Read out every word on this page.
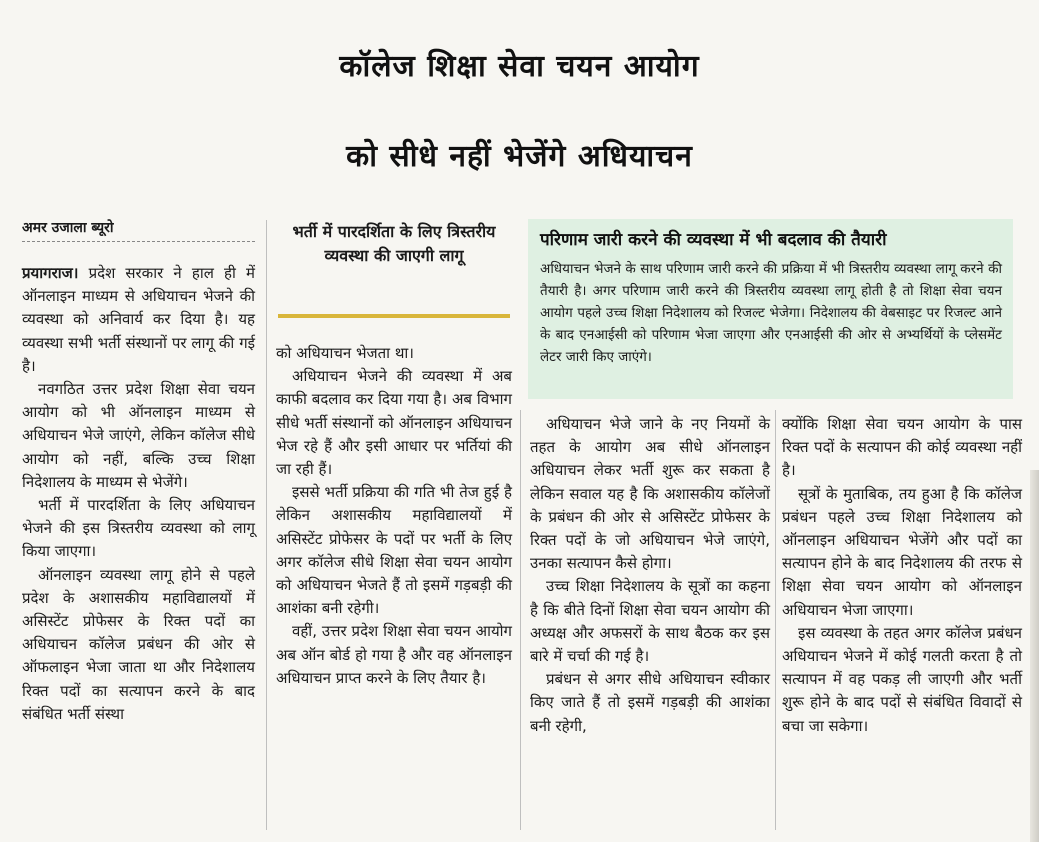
कॉलेज शिक्षा सेवा चयन आयोग
को सीधे नहीं भेजेंगे अधियाचन
अमर उजाला ब्यूरो	भर्ती में पारदर्शिता के लिए त्रिस्तरीय व्यवस्था की जाएगी लागू
परिणाम जारी करने की व्यवस्था में भी बदलाव की तैयारी

अधियाचन भेजने के साथ परिणाम जारी करने की प्रक्रिया में भी त्रिस्तरीय व्यवस्था लागू करने की तैयारी है। अगर परिणाम जारी करने की त्रिस्तरीय व्यवस्था लागू होती है तो शिक्षा सेवा चयन आयोग पहले उच्च शिक्षा निदेशालय को रिजल्ट भेजेगा। निदेशालय की वेबसाइट पर रिजल्ट आने के बाद एनआईसी को परिणाम भेजा जाएगा और एनआईसी की ओर से अभ्यर्थियों के प्लेसमेंट लेटर जारी किए जाएंगे।

प्रयागराज। प्रदेश सरकार ने हाल ही में ऑनलाइन माध्यम से अधियाचन भेजने की व्यवस्था को अनिवार्य कर दिया है। यह व्यवस्था सभी भर्ती संस्थानों पर लागू की गई है।

नवगठित उत्तर प्रदेश शिक्षा सेवा चयन आयोग को भी ऑनलाइन माध्यम से अधियाचन भेजे जाएंगे, लेकिन कॉलेज सीधे आयोग को नहीं, बल्कि उच्च शिक्षा निदेशालय के माध्यम से भेजेंगे।

भर्ती में पारदर्शिता के लिए अधियाचन भेजने की इस त्रिस्तरीय व्यवस्था को लागू किया जाएगा।

ऑनलाइन व्यवस्था लागू होने से पहले प्रदेश के अशासकीय महाविद्यालयों में असिस्टेंट प्रोफेसर के रिक्त पदों का अधियाचन कॉलेज प्रबंधन की ओर से ऑफलाइन भेजा जाता था और निदेशालय रिक्त पदों का सत्यापन करने के बाद संबंधित भर्ती संस्था

को अधियाचन भेजता था।

अधियाचन भेजने की व्यवस्था में अब काफी बदलाव कर दिया गया है। अब विभाग सीधे भर्ती संस्थानों को ऑनलाइन अधियाचन भेज रहे हैं और इसी आधार पर भर्तियां की जा रही हैं।

इससे भर्ती प्रक्रिया की गति भी तेज हुई है लेकिन अशासकीय महाविद्यालयों में असिस्टेंट प्रोफेसर के पदों पर भर्ती के लिए अगर कॉलेज सीधे शिक्षा सेवा चयन आयोग को अधियाचन भेजते हैं तो इसमें गड़बड़ी की आशंका बनी रहेगी।

वहीं, उत्तर प्रदेश शिक्षा सेवा चयन आयोग अब ऑन बोर्ड हो गया है और वह ऑनलाइन अधियाचन प्राप्त करने के लिए तैयार है।

अधियाचन भेजे जाने के नए नियमों के तहत के आयोग अब सीधे ऑनलाइन अधियाचन लेकर भर्ती शुरू कर सकता है लेकिन सवाल यह है कि अशासकीय कॉलेजों के प्रबंधन की ओर से असिस्टेंट प्रोफेसर के रिक्त पदों के जो अधियाचन भेजे जाएंगे, उनका सत्यापन कैसे होगा।

उच्च शिक्षा निदेशालय के सूत्रों का कहना है कि बीते दिनों शिक्षा सेवा चयन आयोग की अध्यक्ष और अफसरों के साथ बैठक कर इस बारे में चर्चा की गई है।

प्रबंधन से अगर सीधे अधियाचन स्वीकार किए जाते हैं तो इसमें गड़बड़ी की आशंका बनी रहेगी,

क्योंकि शिक्षा सेवा चयन आयोग के पास रिक्त पदों के सत्यापन की कोई व्यवस्था नहीं है।

सूत्रों के मुताबिक, तय हुआ है कि कॉलेज प्रबंधन पहले उच्च शिक्षा निदेशालय को ऑनलाइन अधियाचन भेजेंगे और पदों का सत्यापन होने के बाद निदेशालय की तरफ से शिक्षा सेवा चयन आयोग को ऑनलाइन अधियाचन भेजा जाएगा।

इस व्यवस्था के तहत अगर कॉलेज प्रबंधन अधियाचन भेजने में कोई गलती करता है तो सत्यापन में वह पकड़ ली जाएगी और भर्ती शुरू होने के बाद पदों से संबंधित विवादों से बचा जा सकेगा।
